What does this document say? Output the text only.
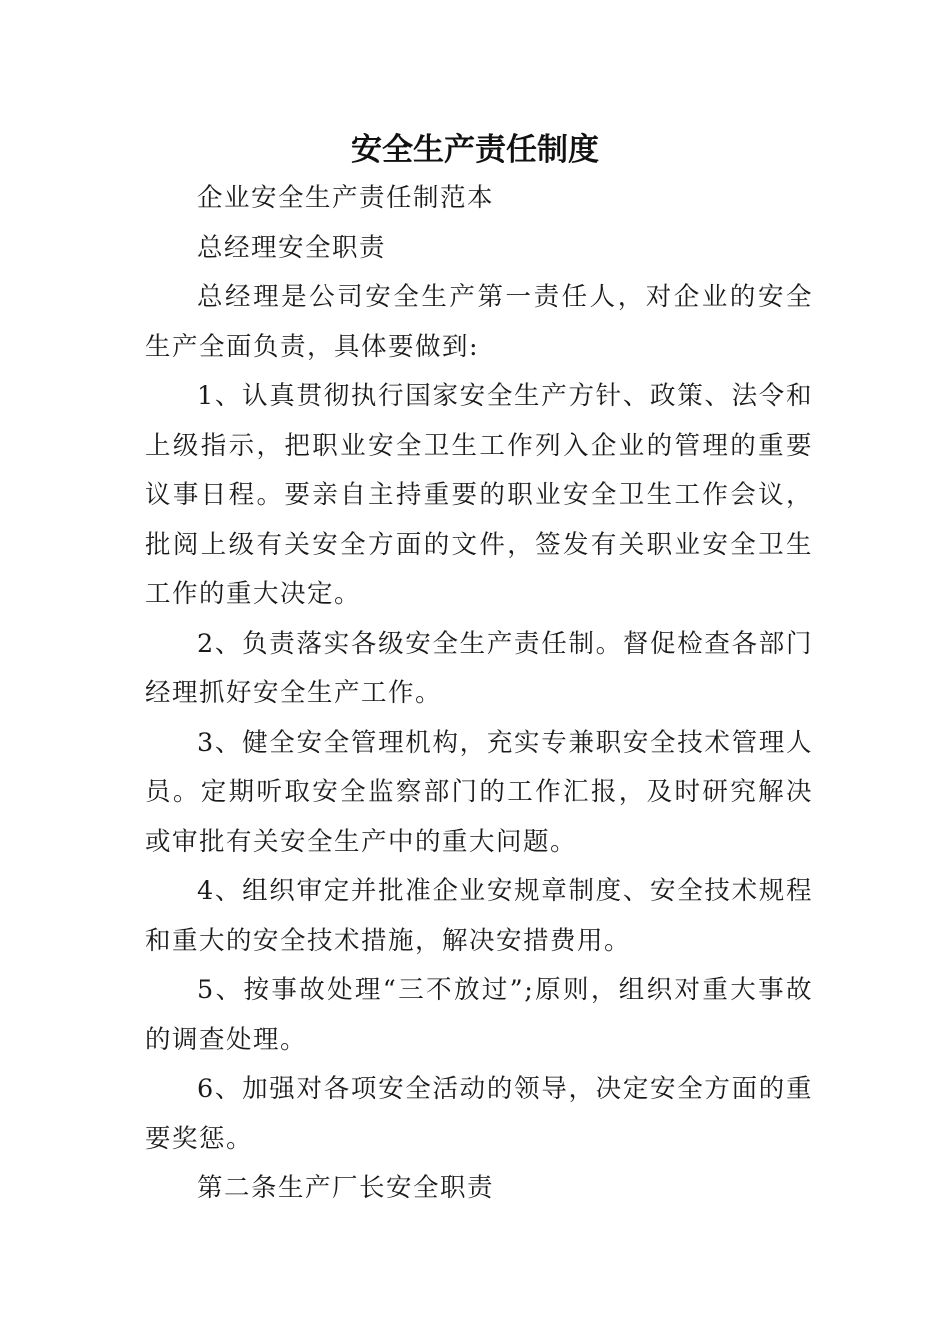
安全生产责任制度

企业安全生产责任制范本

总经理安全职责

总经理是公司安全生产第一责任人，对企业的安全生产全面负责，具体要做到:

1、认真贯彻执行国家安全生产方针、政策、法令和上级指示，把职业安全卫生工作列入企业的管理的重要议事日程。要亲自主持重要的职业安全卫生工作会议，批阅上级有关安全方面的文件，签发有关职业安全卫生工作的重大决定。

2、负责落实各级安全生产责任制。督促检查各部门经理抓好安全生产工作。

3、健全安全管理机构，充实专兼职安全技术管理人员。定期听取安全监察部门的工作汇报，及时研究解决或审批有关安全生产中的重大问题。

4、组织审定并批准企业安规章制度、安全技术规程和重大的安全技术措施，解决安措费用。

5、按事故处理“三不放过”;原则，组织对重大事故的调查处理。

6、加强对各项安全活动的领导，决定安全方面的重要奖惩。

第二条生产厂长安全职责
